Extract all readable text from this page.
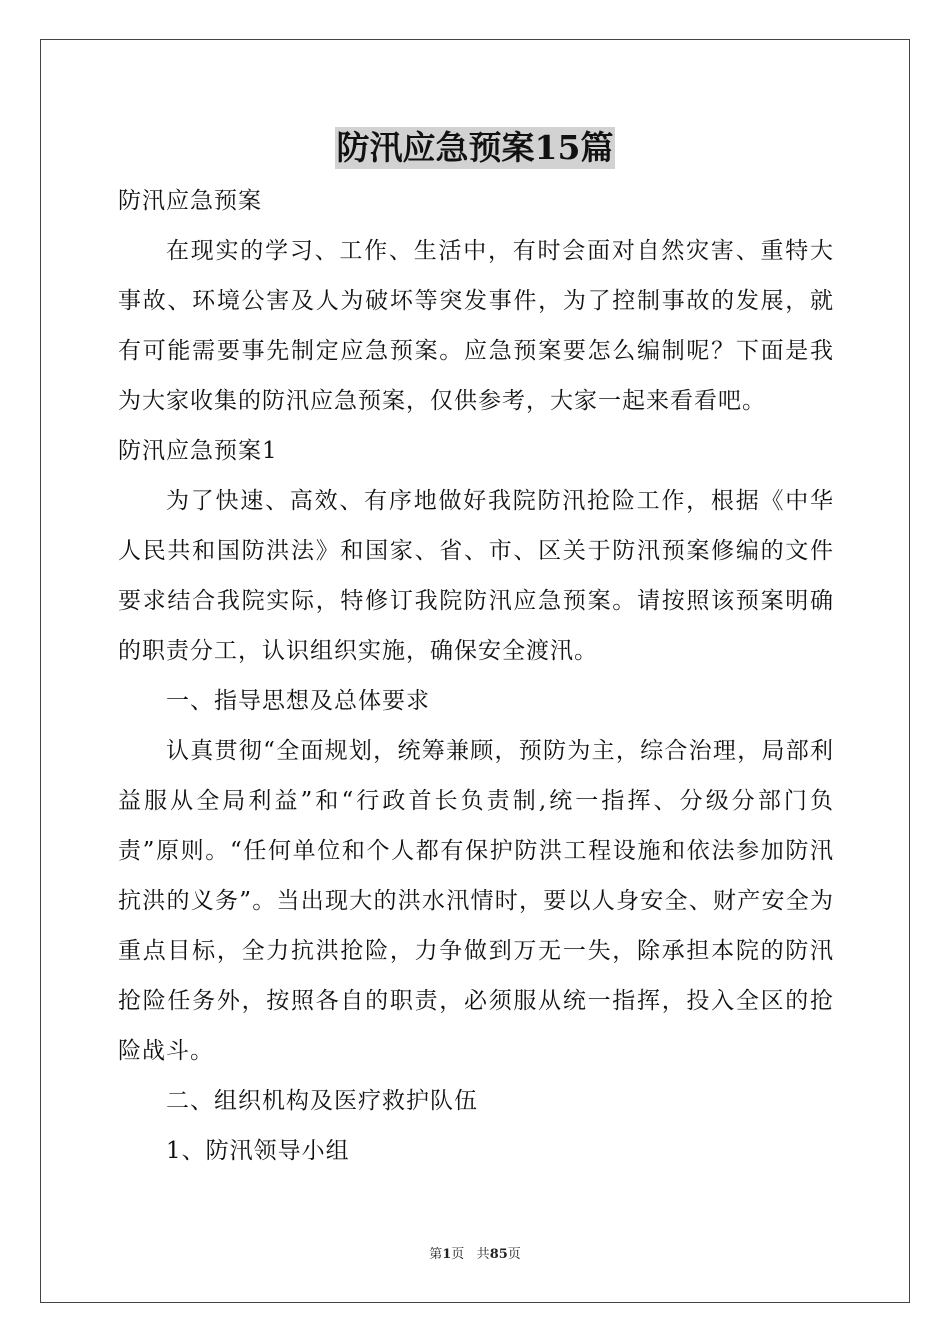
防汛应急预案15篇

防汛应急预案

在现实的学习、工作、生活中，有时会面对自然灾害、重特大事故、环境公害及人为破坏等突发事件，为了控制事故的发展，就有可能需要事先制定应急预案。应急预案要怎么编制呢？下面是我为大家收集的防汛应急预案，仅供参考，大家一起来看看吧。

防汛应急预案1

为了快速、高效、有序地做好我院防汛抢险工作，根据《中华人民共和国防洪法》和国家、省、市、区关于防汛预案修编的文件要求结合我院实际，特修订我院防汛应急预案。请按照该预案明确的职责分工，认识组织实施，确保安全渡汛。

一、指导思想及总体要求

认真贯彻“全面规划，统筹兼顾，预防为主，综合治理，局部利益服从全局利益”和“行政首长负责制,统一指挥、分级分部门负责”原则。“任何单位和个人都有保护防洪工程设施和依法参加防汛抗洪的义务”。当出现大的洪水汛情时，要以人身安全、财产安全为重点目标，全力抗洪抢险，力争做到万无一失，除承担本院的防汛抢险任务外，按照各自的职责，必须服从统一指挥，投入全区的抢险战斗。

二、组织机构及医疗救护队伍

1、防汛领导小组

第1页 共85页
